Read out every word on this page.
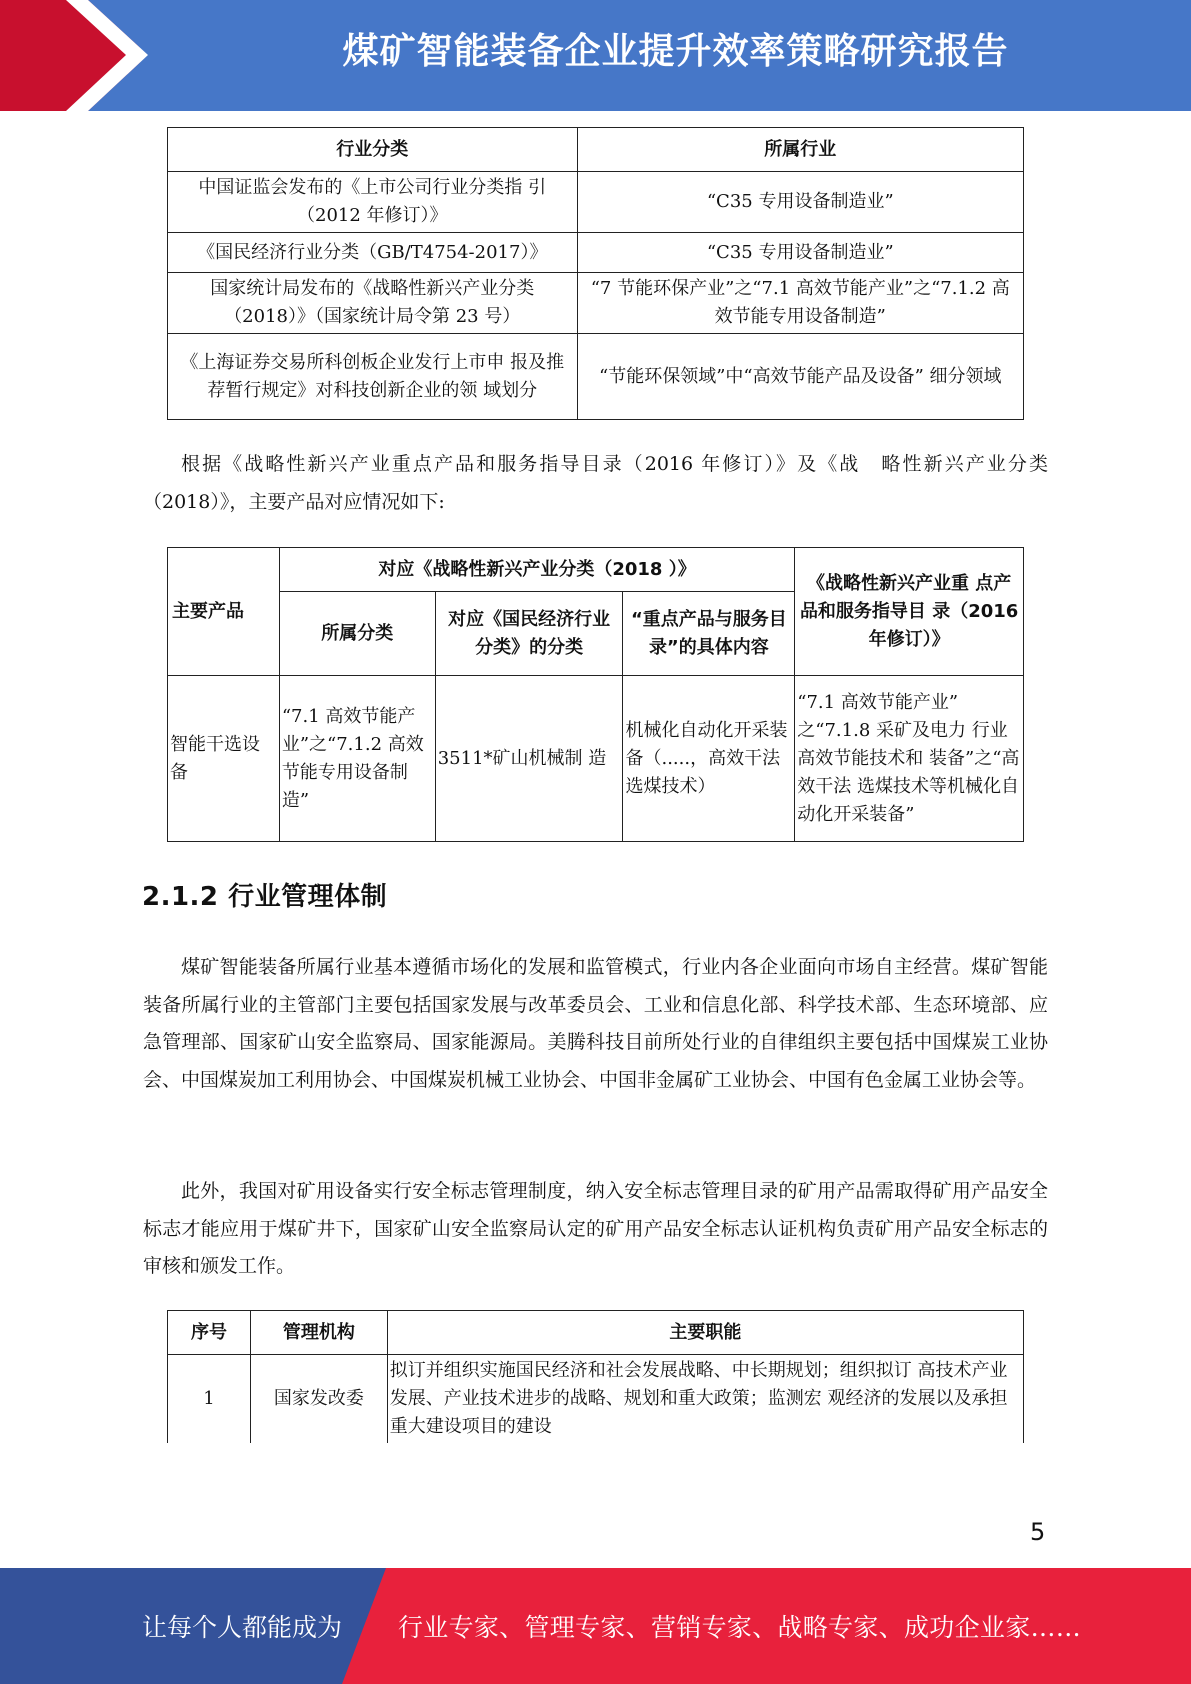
煤矿智能装备企业提升效率策略研究报告
行业分类	所属行业
中国证监会发布的《上市公司行业分类指 引（2012 年修订）》	“C35 专用设备制造业”
《国民经济行业分类（GB/T4754-2017）》	“C35 专用设备制造业”
国家统计局发布的《战略性新兴产业分类（2018）》（国家统计局令第 23 号）	“7 节能环保产业”之“7.1 高效节能产业”之“7.1.2 高效节能专用设备制造”
《上海证券交易所科创板企业发行上市申 报及推荐暂行规定》对科技创新企业的领 域划分	“节能环保领域”中“高效节能产品及设备” 细分领域

根据《战略性新兴产业重点产品和服务指导目录（2016 年修订）》及《战　略性新兴产业分类（2018）》，主要产品对应情况如下:

主要产品	对应《战略性新兴产业分类（2018 ）》			《战略性新兴产业重 点产品和服务指导目 录（2016 年修订）》
	所属分类	对应《国民经济行业分类》的分类	“重点产品与服务目录”的具体内容	
智能干选设备	“7.1 高效节能产业”之“7.1.2 高效节能专用设备制造”	3511*矿山机械制 造	机械化自动化开采装备（.....，高效干法选煤技术）	“7.1 高效节能产业” 之“7.1.8 采矿及电力 行业高效节能技术和 装备”之“高效干法 选煤技术等机械化自 动化开采装备”
2.1.2 行业管理体制

煤矿智能装备所属行业基本遵循市场化的发展和监管模式，行业内各企业面向市场自主经营。煤矿智能装备所属行业的主管部门主要包括国家发展与改革委员会、工业和信息化部、科学技术部、生态环境部、应急管理部、国家矿山安全监察局、国家能源局。美腾科技目前所处行业的自律组织主要包括中国煤炭工业协会、中国煤炭加工利用协会、中国煤炭机械工业协会、中国非金属矿工业协会、中国有色金属工业协会等。

此外，我国对矿用设备实行安全标志管理制度，纳入安全标志管理目录的矿用产品需取得矿用产品安全标志才能应用于煤矿井下，国家矿山安全监察局认定的矿用产品安全标志认证机构负责矿用产品安全标志的审核和颁发工作。

序号	管理机构	主要职能
1	国家发改委	拟订并组织实施国民经济和社会发展战略、中长期规划；组织拟订 高技术产业发展、产业技术进步的战略、规划和重大政策；监测宏 观经济的发展以及承担重大建设项目的建设
5
让每个人都能成为 行业专家、管理专家、营销专家、战略专家、成功企业家……
